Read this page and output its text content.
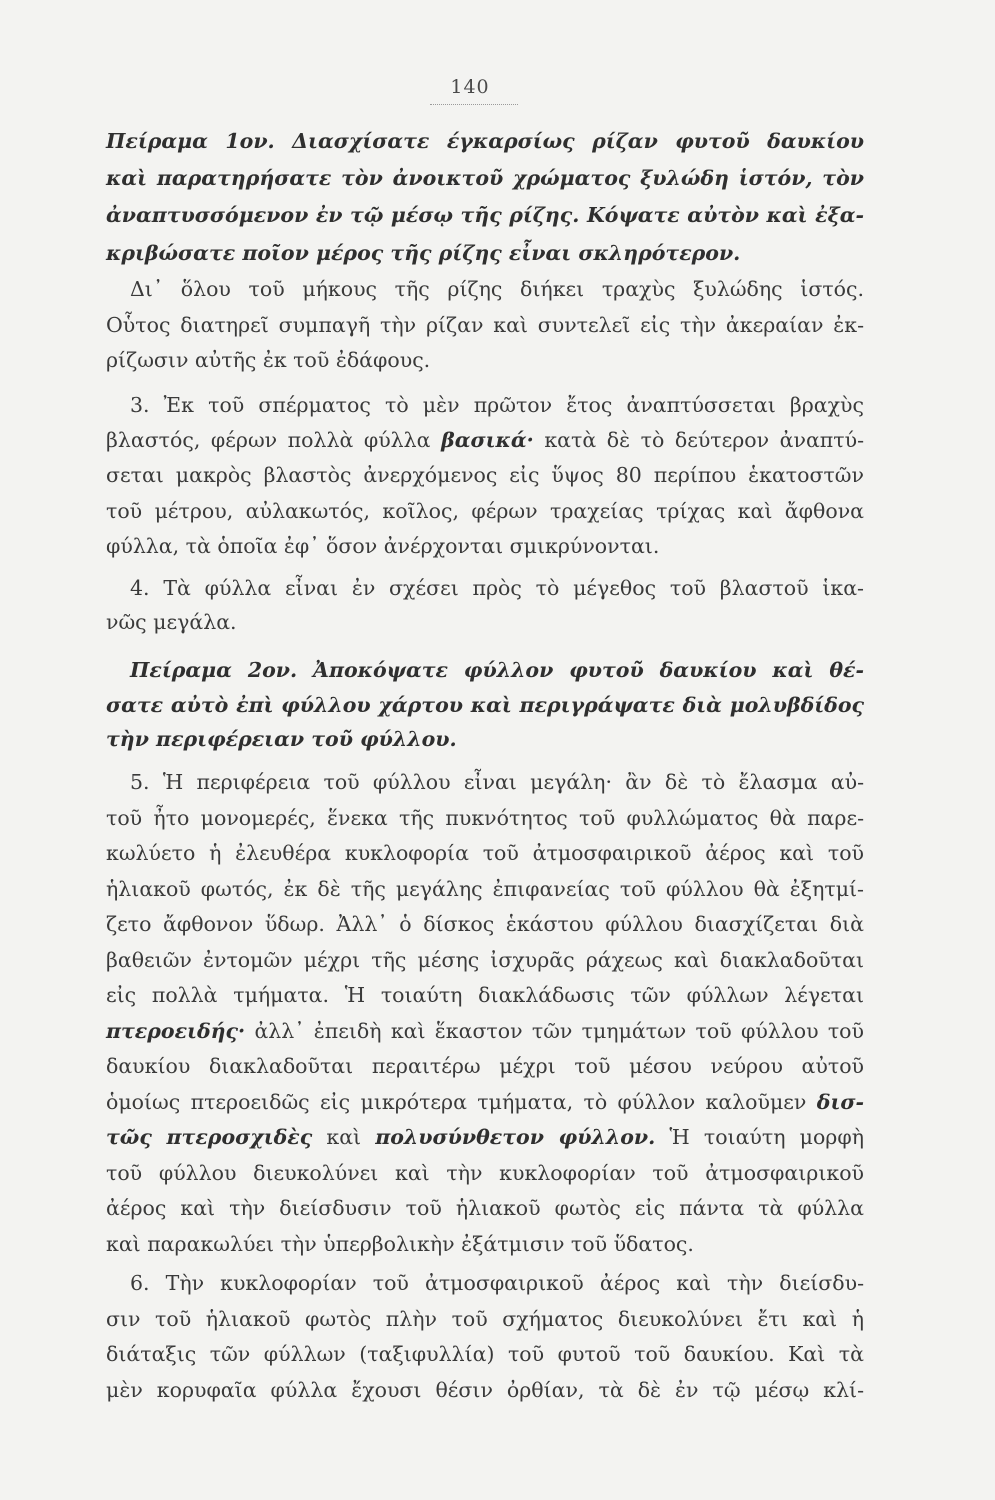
140
Πείραμα 1ον. Διασχίσατε έγκαρσίως ρίζαν φυτοῦ δαυκίου
καὶ παρατηρήσατε τὸν ἀνοικτοῦ χρώματος ξυλώδη ἱστόν, τὸν
ἀναπτυσσόμενον ἐν τῷ μέσῳ τῆς ρίζης. Κόψατε αὐτὸν καὶ ἐξα-
κριβώσατε ποῖον μέρος τῆς ρίζης εἶναι σκληρότερον.
Δι᾽ ὅλου τοῦ μήκους τῆς ρίζης διήκει τραχὺς ξυλώδης ἱστός.
Οὗτος διατηρεῖ συμπαγῆ τὴν ρίζαν καὶ συντελεῖ εἰς τὴν ἀκεραίαν ἐκ-
ρίζωσιν αὐτῆς ἐκ τοῦ ἐδάφους.
3. Ἐκ τοῦ σπέρματος τὸ μὲν πρῶτον ἔτος ἀναπτύσσεται βραχὺς
βλαστός, φέρων πολλὰ φύλλα βασικά· κατὰ δὲ τὸ δεύτερον ἀναπτύ-
σεται μακρὸς βλαστὸς ἀνερχόμενος εἰς ὕψος 80 περίπου ἑκατοστῶν
τοῦ μέτρου, αὐλακωτός, κοῖλος, φέρων τραχείας τρίχας καὶ ἄφθονα
φύλλα, τὰ ὁποῖα ἐφ᾽ ὅσον ἀνέρχονται σμικρύνονται.
4. Τὰ φύλλα εἶναι ἐν σχέσει πρὸς τὸ μέγεθος τοῦ βλαστοῦ ἱκα-
νῶς μεγάλα.
Πείραμα 2ον. Ἀποκόψατε φύλλον φυτοῦ δαυκίου καὶ θέ-
σατε αὐτὸ ἐπὶ φύλλου χάρτου καὶ περιγράψατε διὰ μολυβδίδος
τὴν περιφέρειαν τοῦ φύλλου.
5. Ἡ περιφέρεια τοῦ φύλλου εἶναι μεγάλη· ἂν δὲ τὸ ἔλασμα αὐ-
τοῦ ἦτο μονομερές, ἕνεκα τῆς πυκνότητος τοῦ φυλλώματος θὰ παρε-
κωλύετο ἡ ἐλευθέρα κυκλοφορία τοῦ ἀτμοσφαιρικοῦ ἀέρος καὶ τοῦ
ἡλιακοῦ φωτός, ἐκ δὲ τῆς μεγάλης ἐπιφανείας τοῦ φύλλου θὰ ἐξητμί-
ζετο ἄφθονον ὕδωρ. Ἀλλ᾽ ὁ δίσκος ἑκάστου φύλλου διασχίζεται διὰ
βαθειῶν ἐντομῶν μέχρι τῆς μέσης ἰσχυρᾶς ράχεως καὶ διακλαδοῦται
εἰς πολλὰ τμήματα. Ἡ τοιαύτη διακλάδωσις τῶν φύλλων λέγεται
πτεροειδής· ἀλλ᾽ ἐπειδὴ καὶ ἕκαστον τῶν τμημάτων τοῦ φύλλου τοῦ
δαυκίου διακλαδοῦται περαιτέρω μέχρι τοῦ μέσου νεύρου αὐτοῦ
ὁμοίως πτεροειδῶς εἰς μικρότερα τμήματα, τὸ φύλλον καλοῦμεν δισ-
τῶς πτεροσχιδὲς καὶ πολυσύνθετον φύλλον. Ἡ τοιαύτη μορφὴ
τοῦ φύλλου διευκολύνει καὶ τὴν κυκλοφορίαν τοῦ ἀτμοσφαιρικοῦ
ἀέρος καὶ τὴν διείσδυσιν τοῦ ἡλιακοῦ φωτὸς εἰς πάντα τὰ φύλλα
καὶ παρακωλύει τὴν ὑπερβολικὴν ἐξάτμισιν τοῦ ὕδατος.
6. Τὴν κυκλοφορίαν τοῦ ἀτμοσφαιρικοῦ ἀέρος καὶ τὴν διείσδυ-
σιν τοῦ ἡλιακοῦ φωτὸς πλὴν τοῦ σχήματος διευκολύνει ἔτι καὶ ἡ
διάταξις τῶν φύλλων (ταξιφυλλία) τοῦ φυτοῦ τοῦ δαυκίου. Καὶ τὰ
μὲν κορυφαῖα φύλλα ἔχουσι θέσιν ὀρθίαν, τὰ δὲ ἐν τῷ μέσῳ κλί-
